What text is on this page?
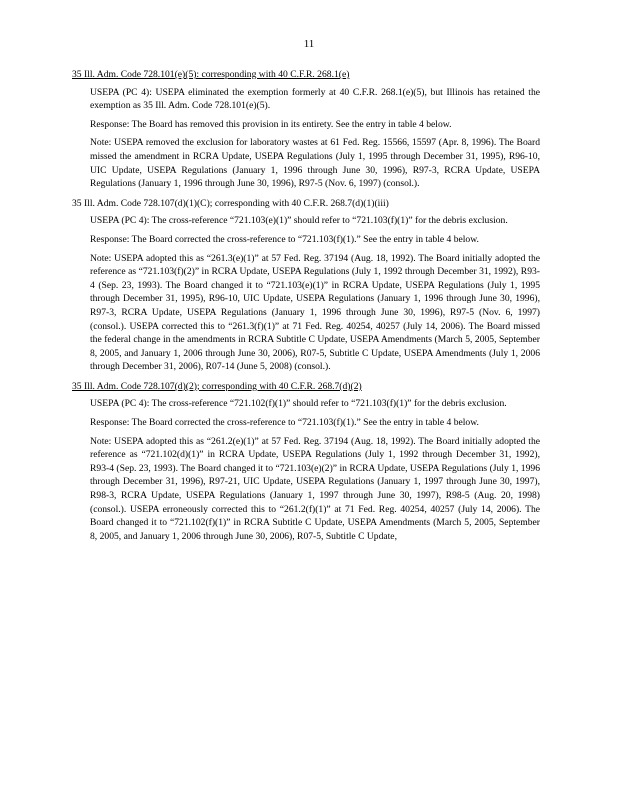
11
35 Ill. Adm. Code 728.101(e)(5): corresponding with 40 C.F.R. 268.1(e)

USEPA (PC 4): USEPA eliminated the exemption formerly at 40 C.F.R. 268.1(e)(5), but Illinois has retained the exemption as 35 Ill. Adm. Code 728.101(e)(5).

Response: The Board has removed this provision in its entirety. See the entry in table 4 below.

Note: USEPA removed the exclusion for laboratory wastes at 61 Fed. Reg. 15566, 15597 (Apr. 8, 1996). The Board missed the amendment in RCRA Update, USEPA Regulations (July 1, 1995 through December 31, 1995), R96-10, UIC Update, USEPA Regulations (January 1, 1996 through June 30, 1996), R97-3, RCRA Update, USEPA Regulations (January 1, 1996 through June 30, 1996), R97-5 (Nov. 6, 1997) (consol.).

35 Ill. Adm. Code 728.107(d)(1)(C); corresponding with 40 C.F.R. 268.7(d)(1)(iii)

USEPA (PC 4): The cross-reference “721.103(e)(1)” should refer to “721.103(f)(1)” for the debris exclusion.

Response: The Board corrected the cross-reference to “721.103(f)(1).” See the entry in table 4 below.

Note: USEPA adopted this as “261.3(e)(1)” at 57 Fed. Reg. 37194 (Aug. 18, 1992). The Board initially adopted the reference as “721.103(f)(2)” in RCRA Update, USEPA Regulations (July 1, 1992 through December 31, 1992), R93-4 (Sep. 23, 1993). The Board changed it to “721.103(e)(1)” in RCRA Update, USEPA Regulations (July 1, 1995 through December 31, 1995), R96-10, UIC Update, USEPA Regulations (January 1, 1996 through June 30, 1996), R97-3, RCRA Update, USEPA Regulations (January 1, 1996 through June 30, 1996), R97-5 (Nov. 6, 1997) (consol.). USEPA corrected this to “261.3(f)(1)” at 71 Fed. Reg. 40254, 40257 (July 14, 2006). The Board missed the federal change in the amendments in RCRA Subtitle C Update, USEPA Amendments (March 5, 2005, September 8, 2005, and January 1, 2006 through June 30, 2006), R07-5, Subtitle C Update, USEPA Amendments (July 1, 2006 through December 31, 2006), R07-14 (June 5, 2008) (consol.).

35 Ill. Adm. Code 728.107(d)(2); corresponding with 40 C.F.R. 268.7(d)(2)

USEPA (PC 4): The cross-reference “721.102(f)(1)” should refer to “721.103(f)(1)” for the debris exclusion.

Response: The Board corrected the cross-reference to “721.103(f)(1).” See the entry in table 4 below.

Note: USEPA adopted this as “261.2(e)(1)” at 57 Fed. Reg. 37194 (Aug. 18, 1992). The Board initially adopted the reference as “721.102(d)(1)” in RCRA Update, USEPA Regulations (July 1, 1992 through December 31, 1992), R93-4 (Sep. 23, 1993). The Board changed it to “721.103(e)(2)” in RCRA Update, USEPA Regulations (July 1, 1996 through December 31, 1996), R97-21, UIC Update, USEPA Regulations (January 1, 1997 through June 30, 1997), R98-3, RCRA Update, USEPA Regulations (January 1, 1997 through June 30, 1997), R98-5 (Aug. 20, 1998) (consol.). USEPA erroneously corrected this to “261.2(f)(1)” at 71 Fed. Reg. 40254, 40257 (July 14, 2006). The Board changed it to “721.102(f)(1)” in RCRA Subtitle C Update, USEPA Amendments (March 5, 2005, September 8, 2005, and January 1, 2006 through June 30, 2006), R07-5, Subtitle C Update,
